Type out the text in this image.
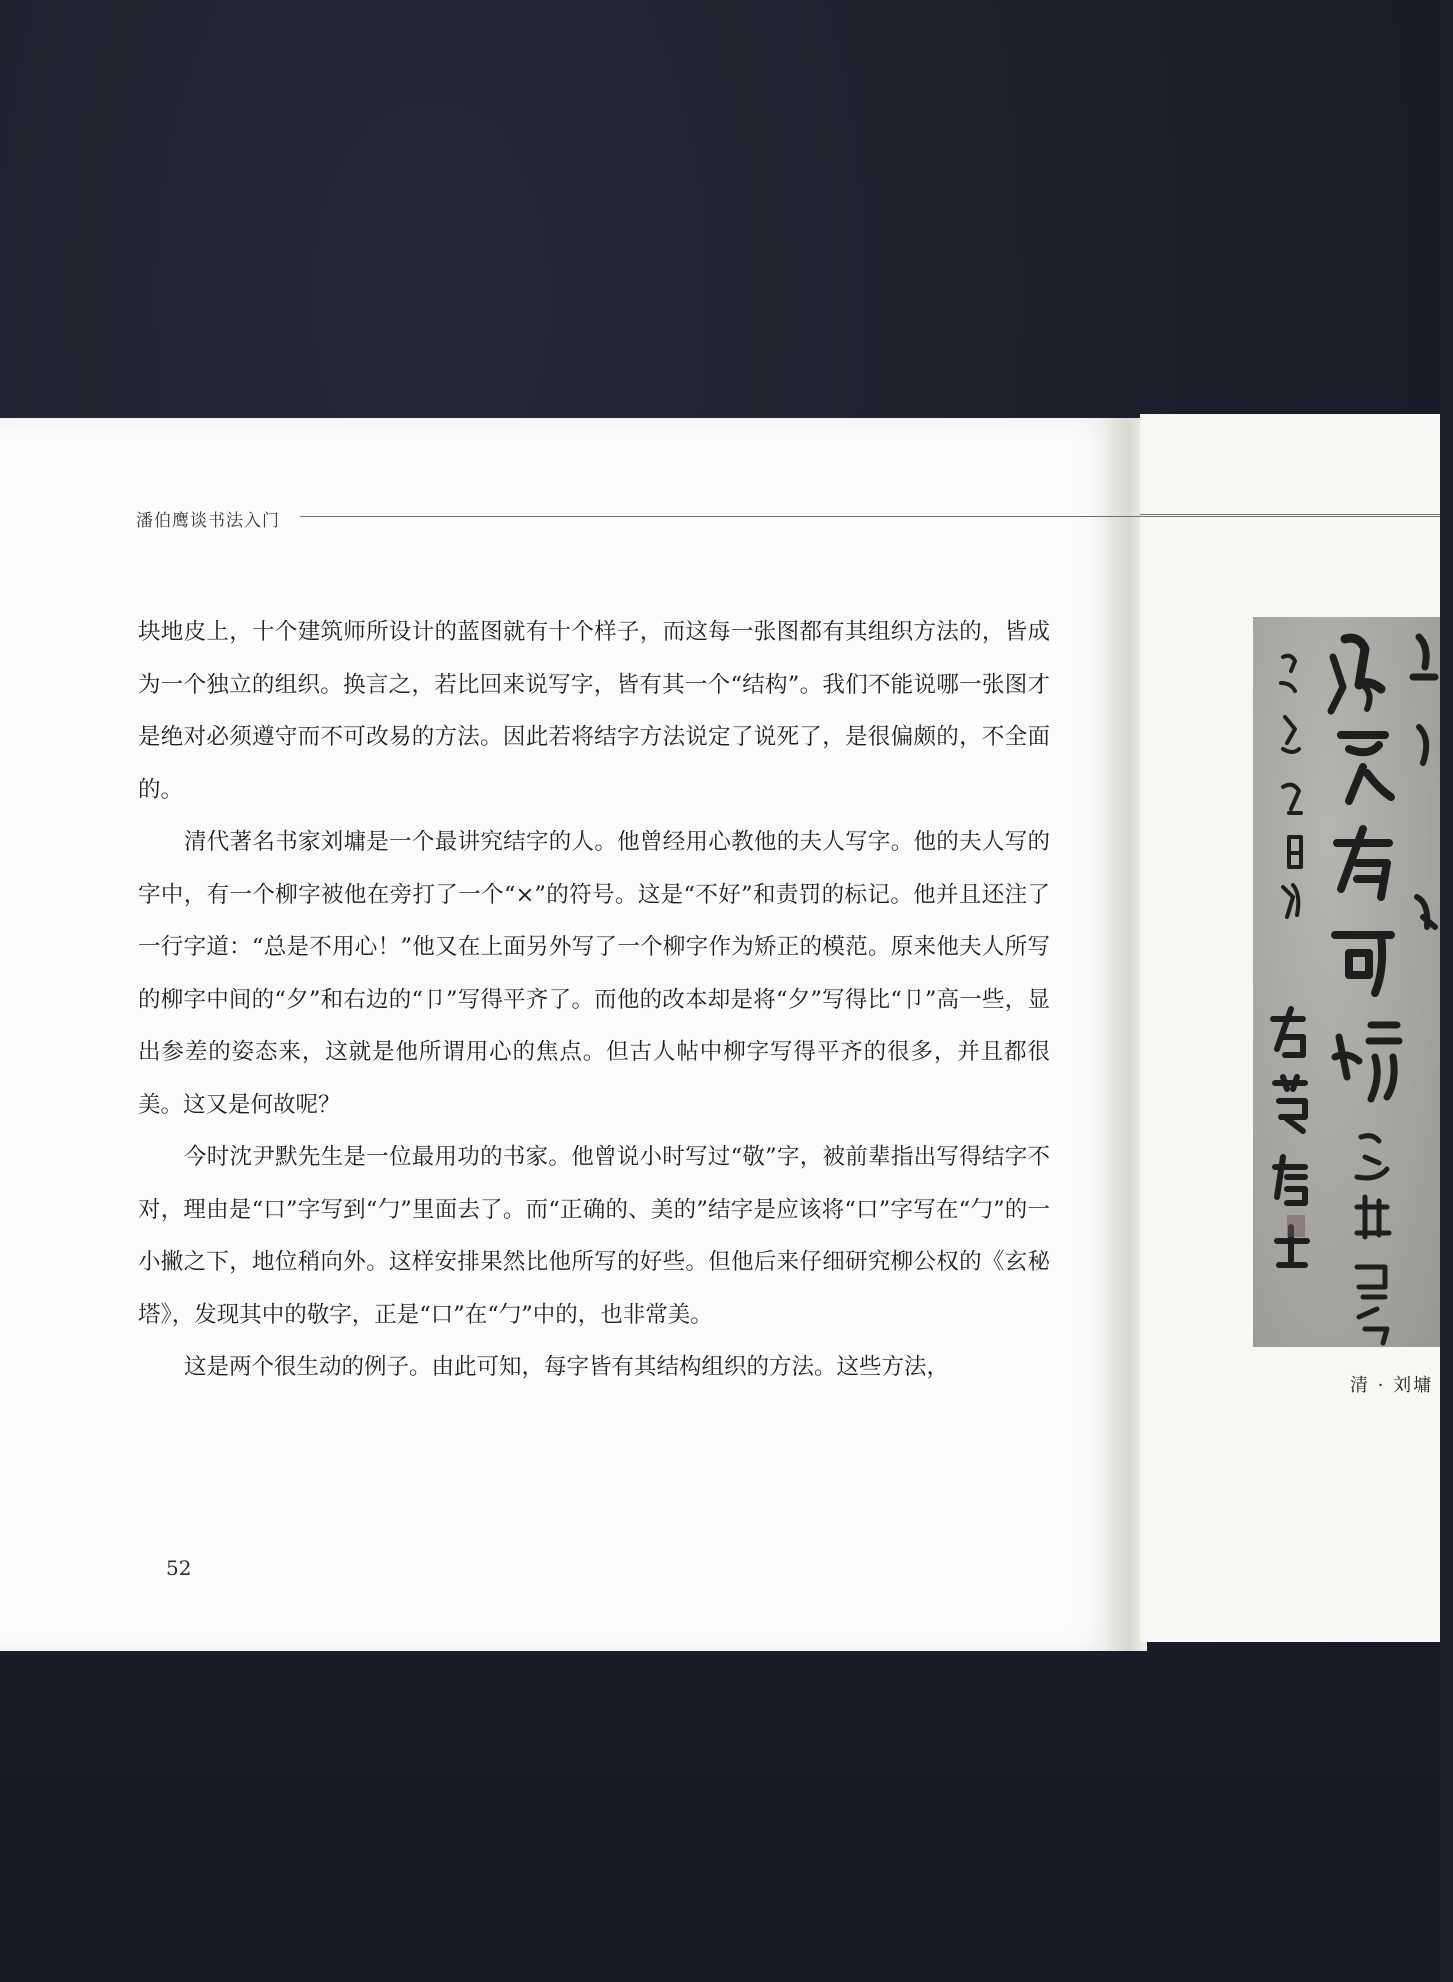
潘伯鹰谈书法入门

块地皮上，十个建筑师所设计的蓝图就有十个样子，而这每一张图都有其组织方法的，皆成为一个独立的组织。换言之，若比回来说写字，皆有其一个“结构”。我们不能说哪一张图才是绝对必须遵守而不可改易的方法。因此若将结字方法说定了说死了，是很偏颇的，不全面的。

清代著名书家刘墉是一个最讲究结字的人。他曾经用心教他的夫人写字。他的夫人写的字中，有一个柳字被他在旁打了一个“×”的符号。这是“不好”和责罚的标记。他并且还注了一行字道：“总是不用心！”他又在上面另外写了一个柳字作为矫正的模范。原来他夫人所写的柳字中间的“夕”和右边的“卩”写得平齐了。而他的改本却是将“夕”写得比“卩”高一些，显出参差的姿态来，这就是他所谓用心的焦点。但古人帖中柳字写得平齐的很多，并且都很美。这又是何故呢？

今时沈尹默先生是一位最用功的书家。他曾说小时写过“敬”字，被前辈指出写得结字不对，理由是“口”字写到“勹”里面去了。而“正确的、美的”结字是应该将“口”字写在“勹”的一小撇之下，地位稍向外。这样安排果然比他所写的好些。但他后来仔细研究柳公权的《玄秘塔》，发现其中的敬字，正是“口”在“勹”中的，也非常美。

这是两个很生动的例子。由此可知，每字皆有其结构组织的方法。这些方法，

52
清 · 刘墉《
